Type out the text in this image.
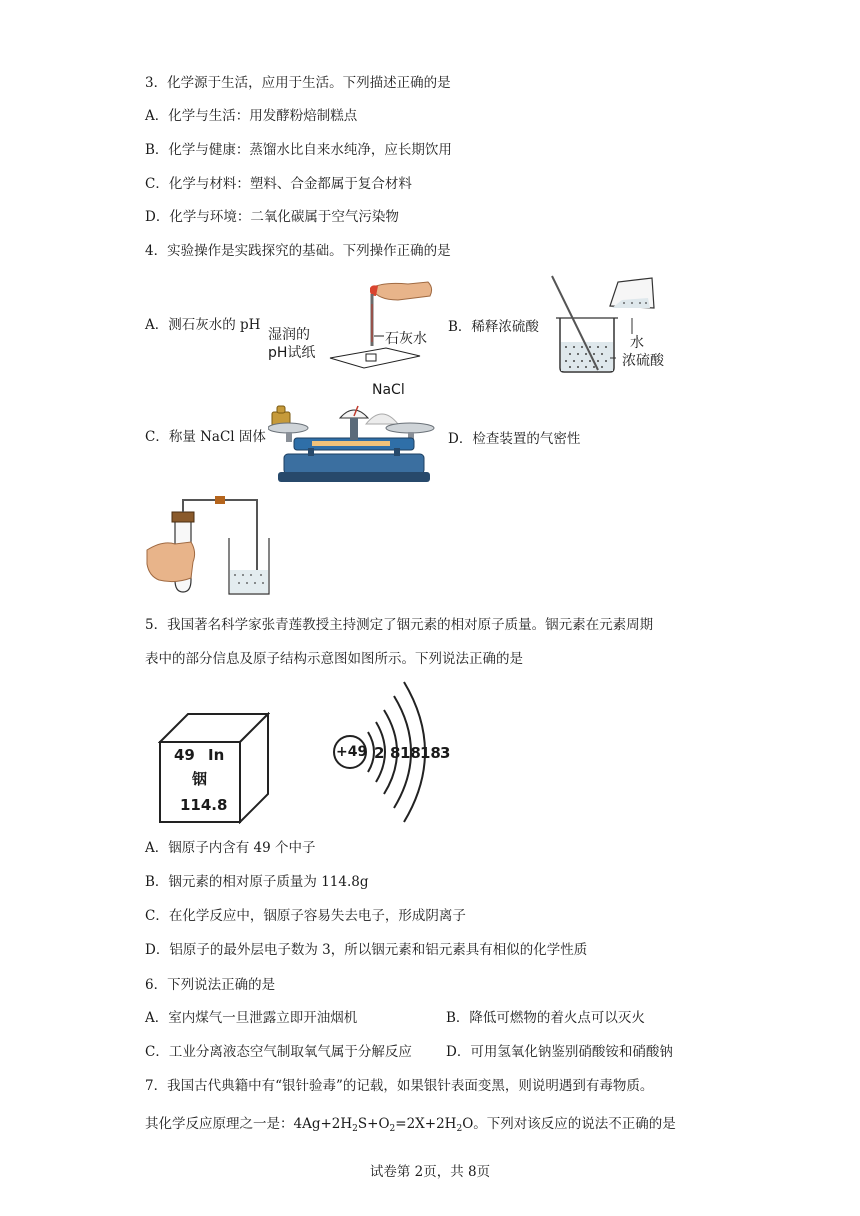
3．化学源于生活，应用于生活。下列描述正确的是
A．化学与生活：用发酵粉焙制糕点
B．化学与健康：蒸馏水比自来水纯净，应长期饮用
C．化学与材料：塑料、合金都属于复合材料
D．化学与环境：二氧化碳属于空气污染物
4．实验操作是实践探究的基础。下列操作正确的是
A．测石灰水的 pH
湿润的
pH试纸
石灰水
B．稀释浓硫酸
水
浓硫酸
C．称量 NaCl 固体
NaCl
D．检查装置的气密性
5．我国著名科学家张青莲教授主持测定了铟元素的相对原子质量。铟元素在元素周期
表中的部分信息及原子结构示意图如图所示。下列说法正确的是
49 In
铟
114.8
+49 2 8 18 18 3
A．铟原子内含有 49 个中子
B．铟元素的相对原子质量为 114.8g
C．在化学反应中，铟原子容易失去电子，形成阴离子
D．铝原子的最外层电子数为 3，所以铟元素和铝元素具有相似的化学性质
6．下列说法正确的是
A．室内煤气一旦泄露立即开油烟机	B．降低可燃物的着火点可以灭火
C．工业分离液态空气制取氧气属于分解反应	D．可用氢氧化钠鉴别硝酸铵和硝酸钠
7．我国古代典籍中有“银针验毒”的记载，如果银针表面变黑，则说明遇到有毒物质。
其化学反应原理之一是：$4Ag+2H_2S+O_2=2X+2H_2O$。下列对该反应的说法不正确的是
试卷第 2页，共 8页
